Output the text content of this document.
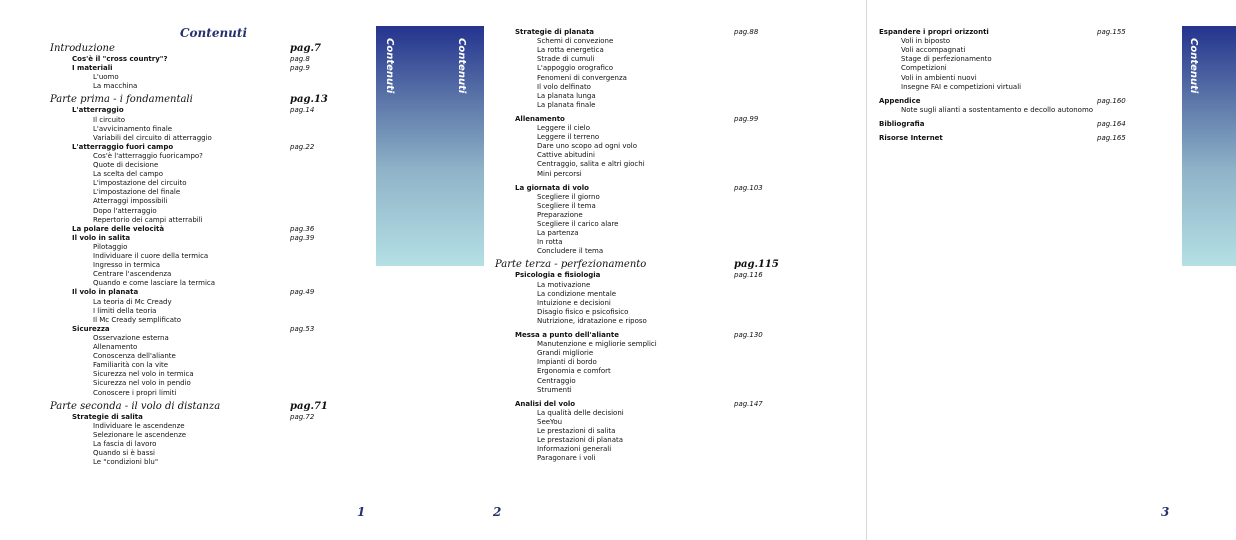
Contenuti
Introduzione	pag.7
Cos'è il "cross country"?	pag.8
I materiali	pag.9
L'uomo
La macchina
Parte prima - i fondamentali	pag.13
L'atterraggio	pag.14
Il circuito
L'avvicinamento finale
Variabili del circuito di atterraggio
L'atterraggio fuori campo	pag.22
Cos'è l'atterraggio fuoricampo?
Quote di decisione
La scelta del campo
L'impostazione del circuito
L'impostazione del finale
Atterraggi impossibili
Dopo l'atterraggio
Repertorio dei campi atterrabili
La polare delle velocità	pag.36
Il volo in salita	pag.39
Pilotaggio
Individuare il cuore della termica
Ingresso in termica
Centrare l'ascendenza
Quando e come lasciare la termica
Il volo in planata	pag.49
La teoria di Mc Cready
I limiti della teoria
Il Mc Cready semplificato
Sicurezza	pag.53
Osservazione esterna
Allenamento
Conoscenza dell'aliante
Familiarità con la vite
Sicurezza nel volo in termica
Sicurezza nel volo in pendio
Conoscere i propri limiti
Parte seconda - il volo di distanza	pag.71
Strategie di salita	pag.72
Individuare le ascendenze
Selezionare le ascendenze
La fascia di lavoro
Quando si è bassi
Le "condizioni blu"
Contenuti	Contenuti
1	2
Strategie di planata	pag.88
Schemi di convezione
La rotta energetica
Strade di cumuli
L'appoggio orografico
Fenomeni di convergenza
Il volo delfinato
La planata lunga
La planata finale
Allenamento	pag.99
Leggere il cielo
Leggere il terreno
Dare uno scopo ad ogni volo
Cattive abitudini
Centraggio, salita e altri giochi
Mini percorsi
La giornata di volo	pag.103
Scegliere il giorno
Scegliere il tema
Preparazione
Scegliere il carico alare
La partenza
In rotta
Concludere il tema
Parte terza - perfezionamento	pag.115
Psicologia e fisiologia	pag.116
La motivazione
La condizione mentale
Intuizione e decisioni
Disagio fisico e psicofisico
Nutrizione, idratazione e riposo
Messa a punto dell'aliante	pag.130
Manutenzione e migliorie semplici
Grandi migliorie
Impianti di bordo
Ergonomia e comfort
Centraggio
Strumenti
Analisi del volo	pag.147
La qualità delle decisioni
SeeYou
Le prestazioni di salita
Le prestazioni di planata
Informazioni generali
Paragonare i voli
Espandere i propri orizzonti	pag.155
Voli in biposto
Voli accompagnati
Stage di perfezionamento
Competizioni
Voli in ambienti nuovi
Insegne FAI e competizioni virtuali
Appendice	pag.160
Note sugli alianti a sostentamento e decollo autonomo
Bibliografia	pag.164
Risorse Internet	pag.165
Contenuti
3
